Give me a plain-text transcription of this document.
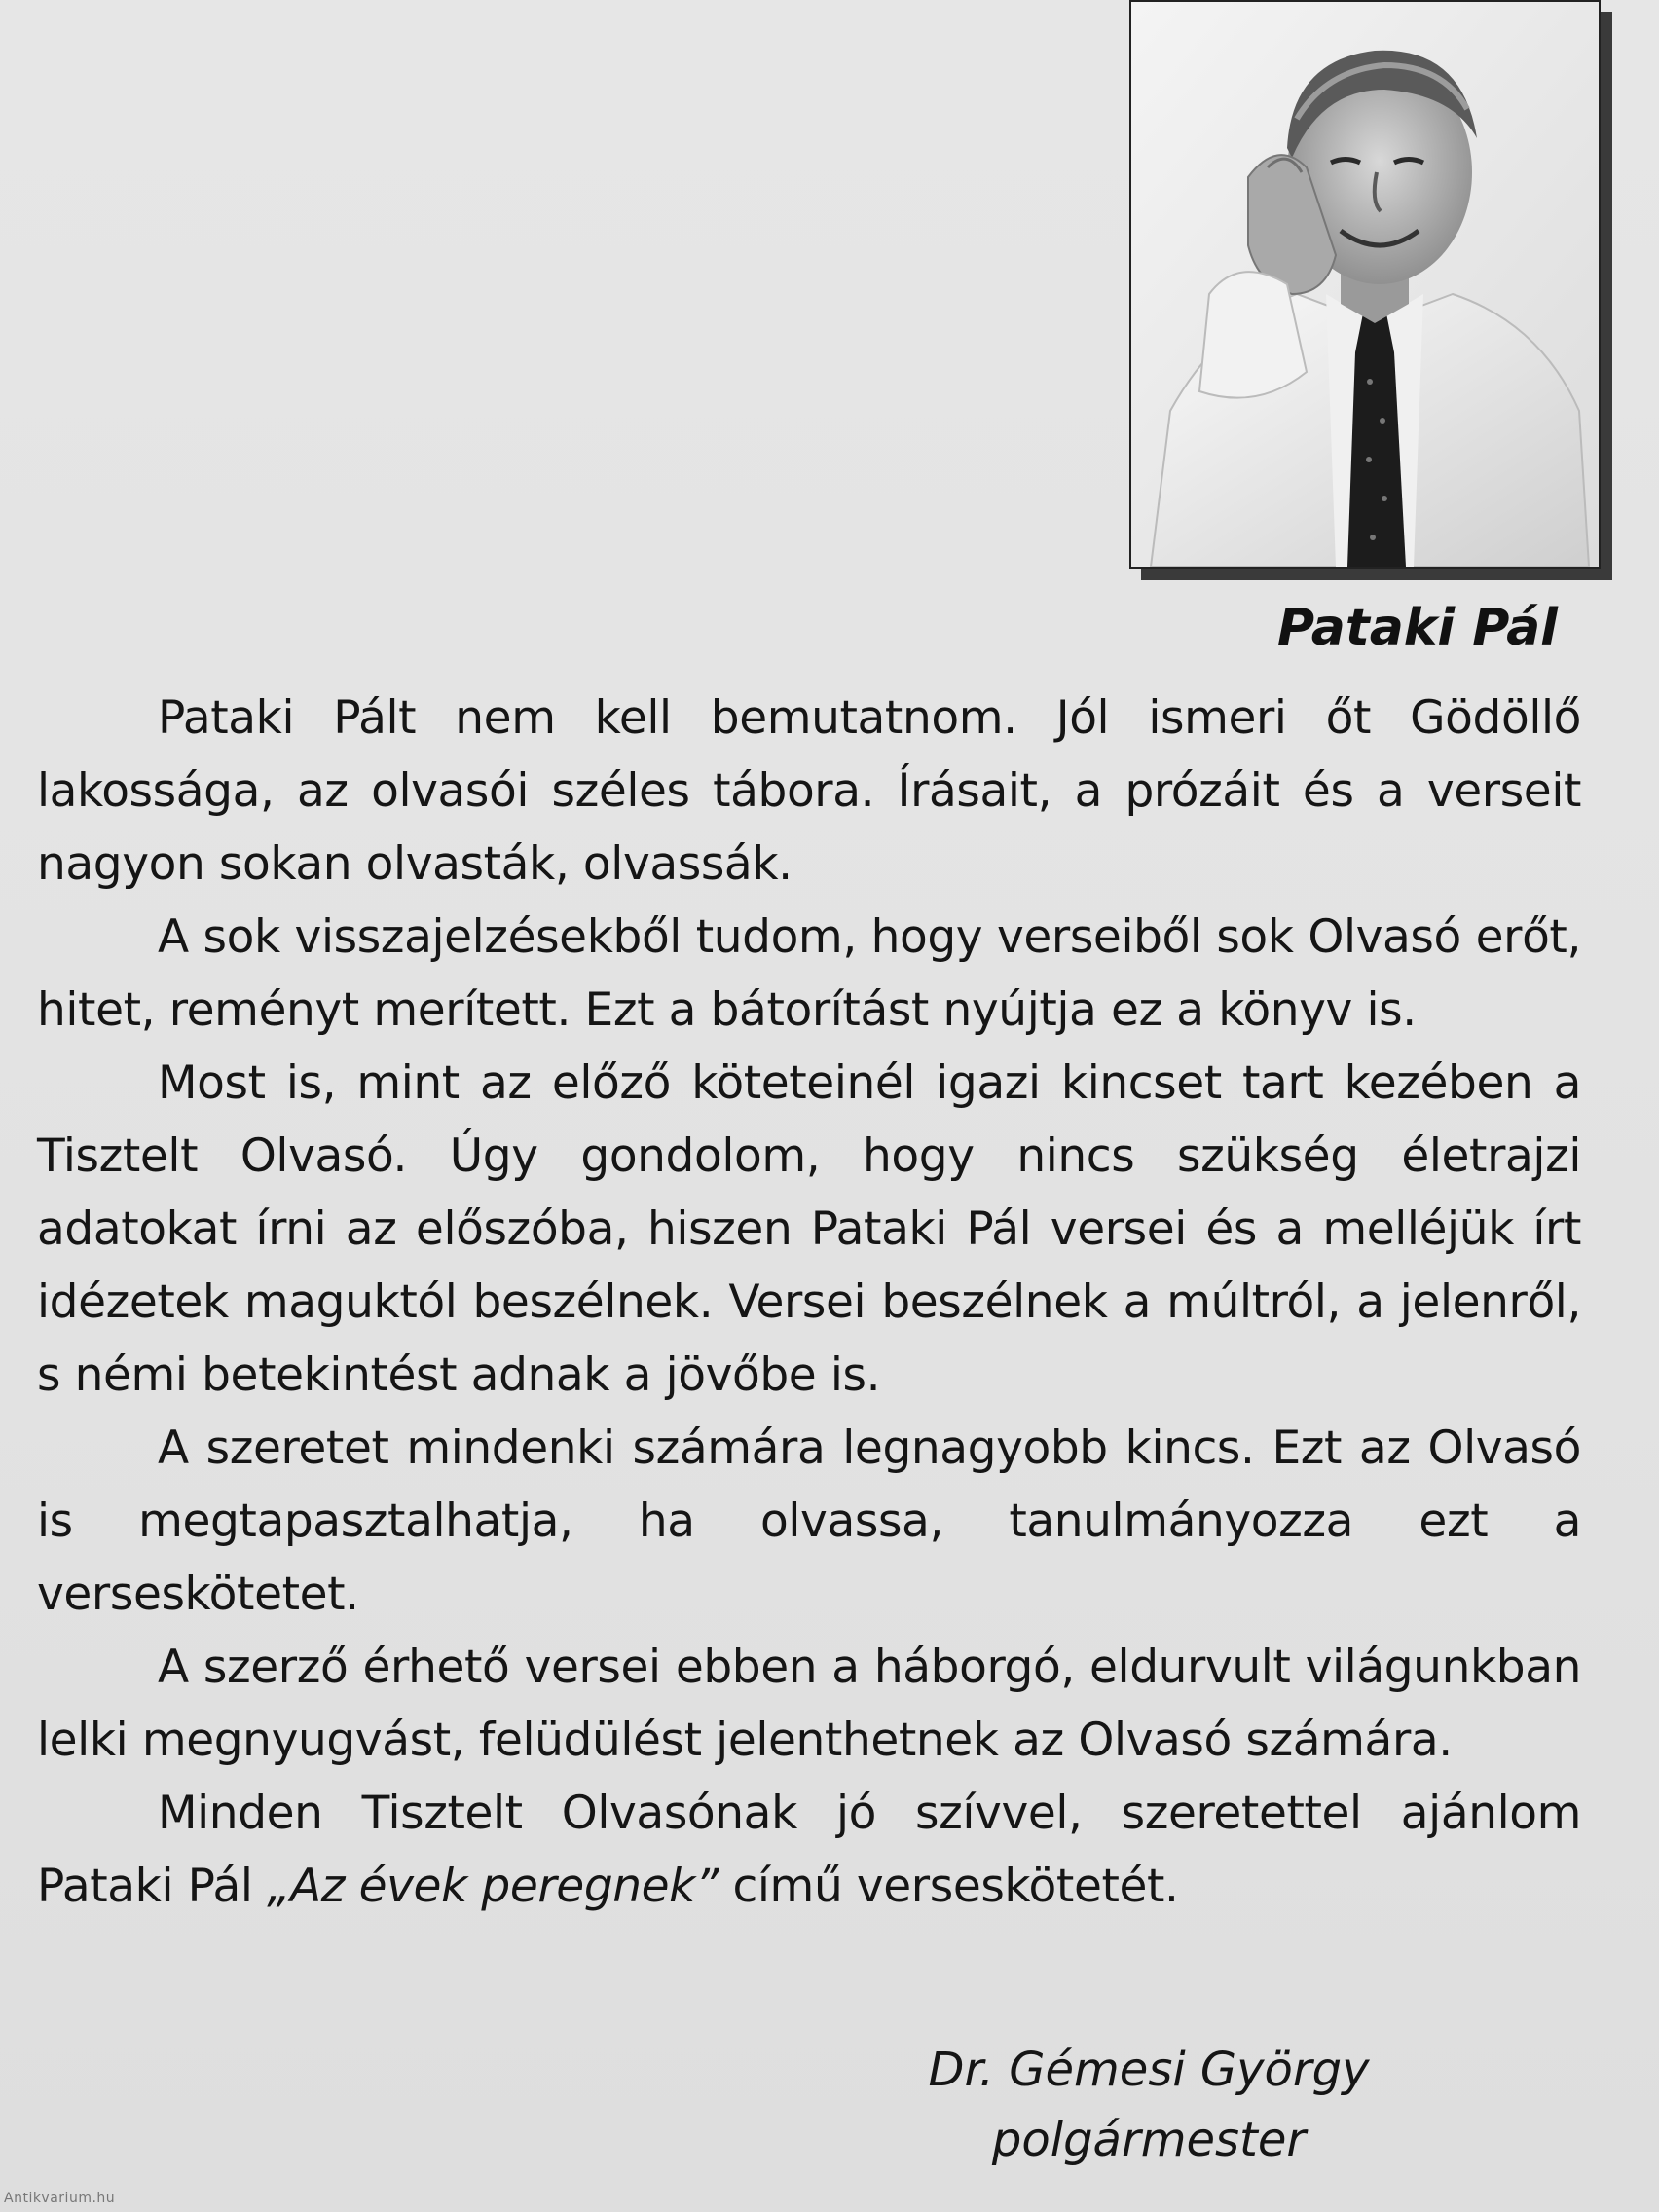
Pataki Pál

Pataki Pált nem kell bemutatnom. Jól ismeri őt Gödöllő lakossága, az olvasói széles tábora. Írásait, a prózáit és a verseit nagyon sokan olvasták, olvassák.

A sok visszajelzésekből tudom, hogy verseiből sok Olvasó erőt, hitet, reményt merített. Ezt a bátorítást nyújtja ez a könyv is.

Most is, mint az előző köteteinél igazi kincset tart kezében a Tisztelt Olvasó. Úgy gondolom, hogy nincs szükség életrajzi adatokat írni az előszóba, hiszen Pataki Pál versei és a melléjük írt idézetek maguktól beszélnek. Versei beszélnek a múltról, a jelenről, s némi betekintést adnak a jövőbe is.

A szeretet mindenki számára legnagyobb kincs. Ezt az Olvasó is megtapasztalhatja, ha olvassa, tanulmányozza ezt a verseskötetet.

A szerző érhető versei ebben a háborgó, eldurvult világunkban lelki megnyugvást, felüdülést jelenthetnek az Olvasó számára.

Minden Tisztelt Olvasónak jó szívvel, szeretettel ajánlom Pataki Pál „Az évek peregnek” című verseskötetét.

Dr. Gémesi György
polgármester
Antikvarium.hu
